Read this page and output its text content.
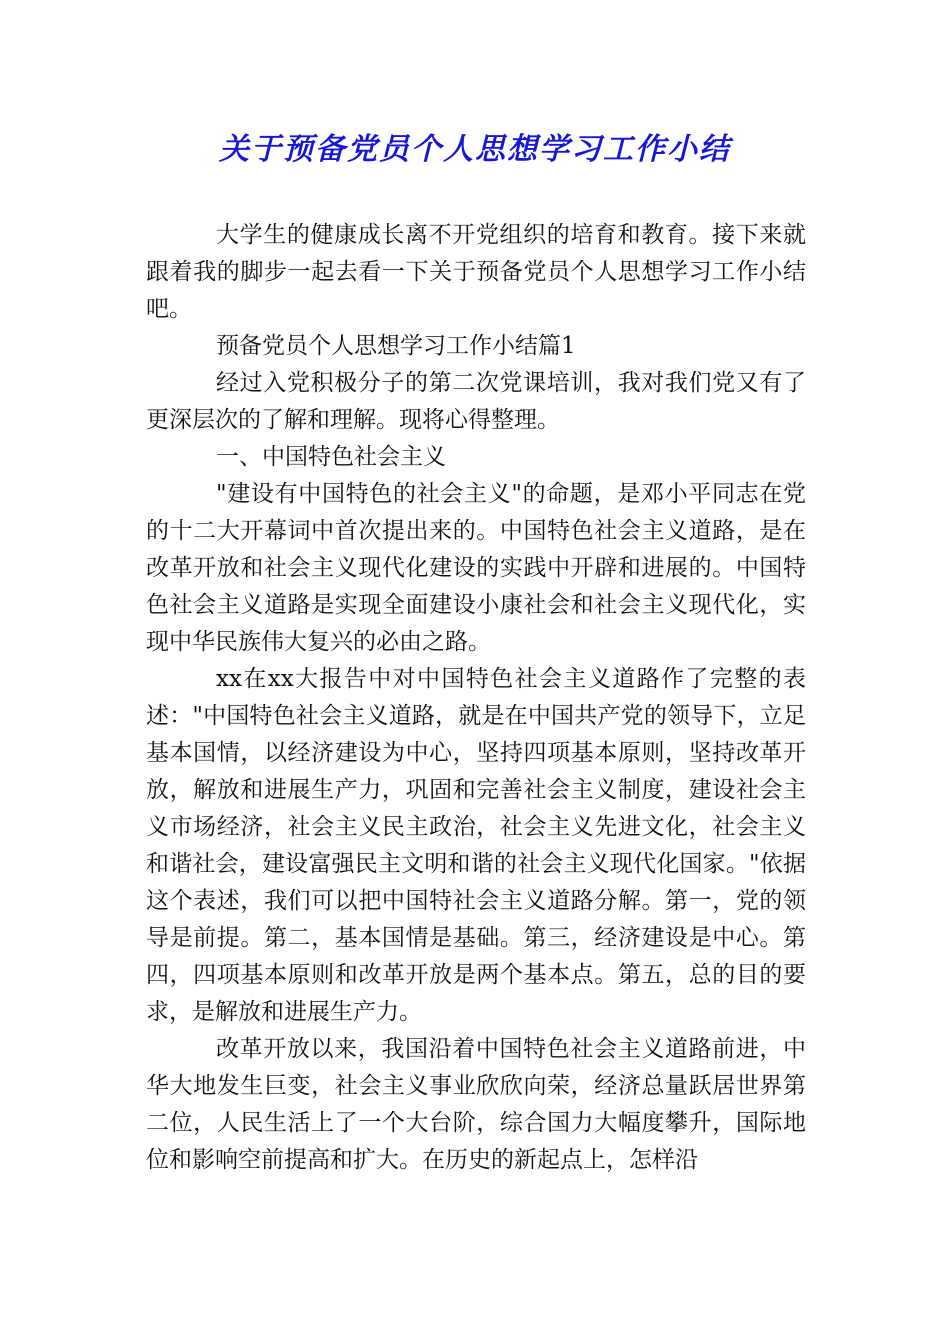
关于预备党员个人思想学习工作小结

大学生的健康成长离不开党组织的培育和教育。接下来就跟着我的脚步一起去看一下关于预备党员个人思想学习工作小结吧。

预备党员个人思想学习工作小结篇1

经过入党积极分子的第二次党课培训，我对我们党又有了更深层次的了解和理解。现将心得整理。

一、中国特色社会主义

"建设有中国特色的社会主义"的命题，是邓小平同志在党的十二大开幕词中首次提出来的。中国特色社会主义道路，是在改革开放和社会主义现代化建设的实践中开辟和进展的。中国特色社会主义道路是实现全面建设小康社会和社会主义现代化，实现中华民族伟大复兴的必由之路。

xx在xx大报告中对中国特色社会主义道路作了完整的表述："中国特色社会主义道路，就是在中国共产党的领导下，立足基本国情，以经济建设为中心，坚持四项基本原则，坚持改革开放，解放和进展生产力，巩固和完善社会主义制度，建设社会主义市场经济，社会主义民主政治，社会主义先进文化，社会主义和谐社会，建设富强民主文明和谐的社会主义现代化国家。"依据这个表述，我们可以把中国特社会主义道路分解。第一，党的领导是前提。第二，基本国情是基础。第三，经济建设是中心。第四，四项基本原则和改革开放是两个基本点。第五，总的目的要求，是解放和进展生产力。

改革开放以来，我国沿着中国特色社会主义道路前进，中华大地发生巨变，社会主义事业欣欣向荣，经济总量跃居世界第二位，人民生活上了一个大台阶，综合国力大幅度攀升，国际地位和影响空前提高和扩大。在历史的新起点上，怎样沿
